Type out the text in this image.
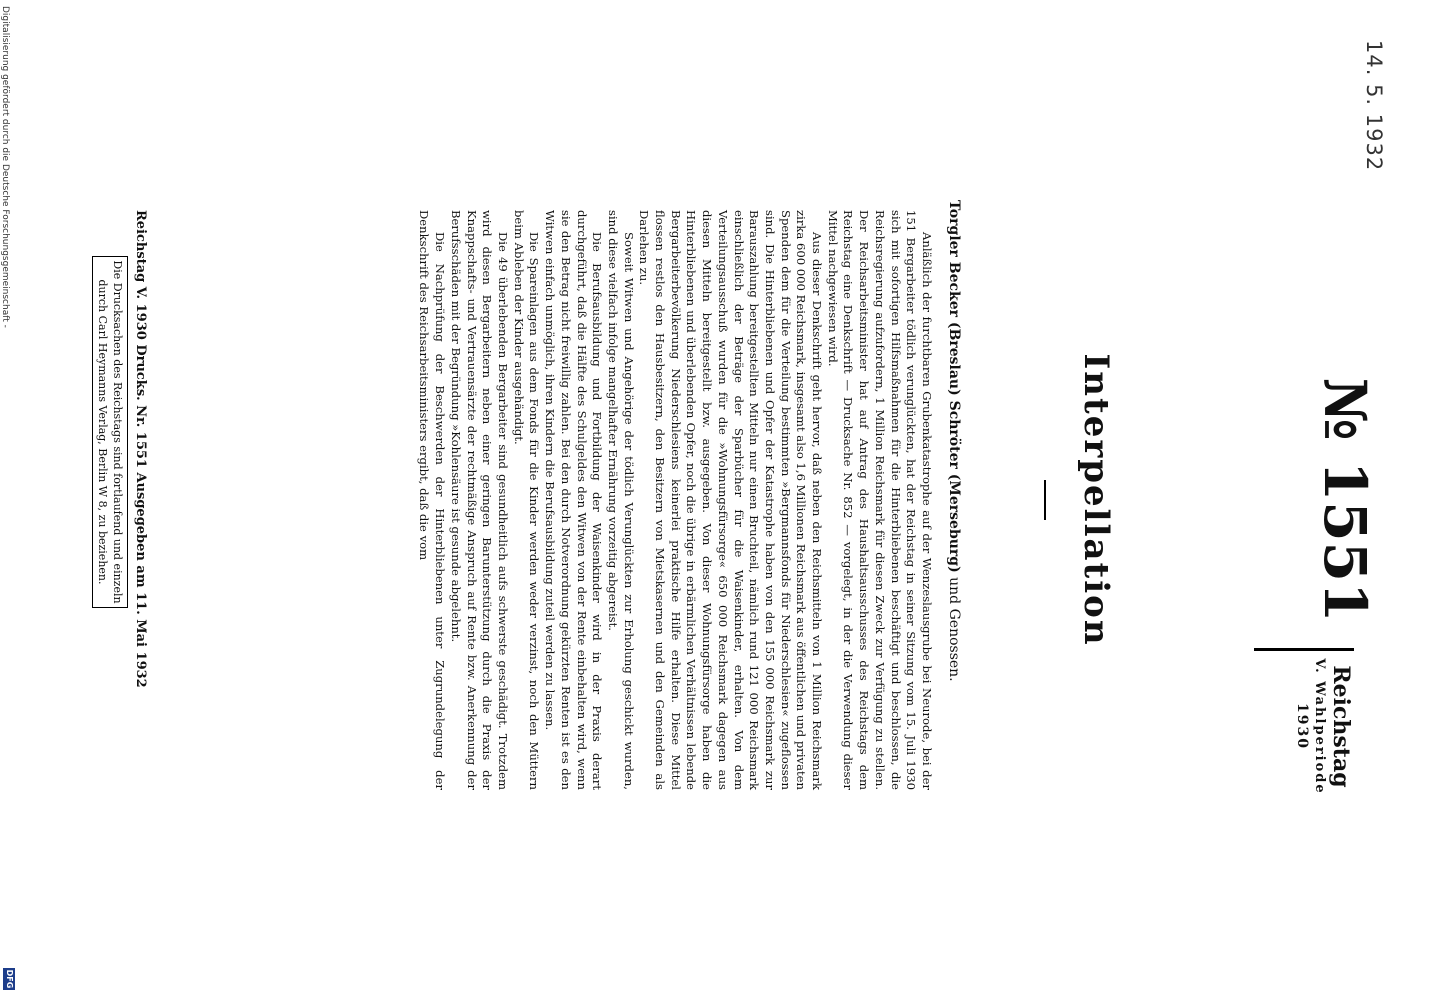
14. 5. 1932
№ 1551
Reichstag
V. Wahlperiode
1930
Interpellation
Torgler Becker (Breslau) Schröter (Merseburg) und Genossen.

Anläßlich der furchtbaren Grubenkatastrophe auf der Wenzeslausgrube bei Neurode, bei der 151 Bergarbeiter tödlich verunglückten, hat der Reichstag in seiner Sitzung vom 15. Juli 1930 sich mit sofortigen Hilfsmaßnahmen für die Hinterbliebenen beschäftigt und beschlossen, die Reichsregierung aufzufordern, 1 Million Reichsmark für diesen Zweck zur Verfügung zu stellen. Der Reichsarbeitsminister hat auf Antrag des Haushaltsausschusses des Reichstags dem Reichstag eine Denkschrift — Drucksache Nr. 852 — vorgelegt, in der die Verwendung dieser Mittel nachgewiesen wird.

Aus dieser Denkschrift geht hervor, daß neben den Reichsmitteln von 1 Million Reichsmark zirka 600 000 Reichsmark, insgesamt also 1,6 Millionen Reichsmark aus öffentlichen und privaten Spenden dem für die Verteilung bestimmten »Bergmannsfonds für Niederschlesien« zugeflossen sind. Die Hinterbliebenen und Opfer der Katastrophe haben von den 155 000 Reichsmark zur Barauszahlung bereitgestellten Mitteln nur einen Bruchteil, nämlich rund 121 000 Reichsmark einschließlich der Beträge der Sparbücher für die Waisenkinder, erhalten. Von dem Verteilungsausschuß wurden für die »Wohnungsfürsorge« 650 000 Reichsmark dagegen aus diesen Mitteln bereitgestellt bzw. ausgegeben. Von dieser Wohnungsfürsorge haben die Hinterbliebenen und überlebenden Opfer, noch die übrige in erbärmlichen Verhältnissen lebende Bergarbeiterbevölkerung Niederschlesiens keinerlei praktische Hilfe erhalten. Diese Mittel flossen restlos den Hausbesitzern, den Besitzern von Mietskasernen und den Gemeinden als Darlehen zu.

Soweit Witwen und Angehörige der tödlich Verunglückten zur Erholung geschickt wurden, sind diese vielfach infolge mangelhafter Ernährung vorzeitig abgereist.

Die Berufsausbildung und Fortbildung der Waisenkinder wird in der Praxis derart durchgeführt, daß die Hälfte des Schulgeldes den Witwen von der Rente einbehalten wird, wenn sie den Betrag nicht freiwillig zahlen. Bei den durch Notverordnung gekürzten Renten ist es den Witwen einfach unmöglich, ihren Kindern die Berufsausbildung zuteil werden zu lassen.

Die Spareinlagen aus dem Fonds für die Kinder werden weder verzinst, noch den Müttern beim Ableben der Kinder ausgehändigt.

Die 49 überlebenden Bergarbeiter sind gesundheitlich aufs schwerste geschädigt. Trotzdem wird diesen Bergarbeitern neben einer geringen Barunterstützung durch die Praxis der Knappschafts- und Vertrauensärzte der rechtmäßige Anspruch auf Rente bzw. Anerkennung der Berufsschäden mit der Begründung »Kohlensäure ist gesunde abgelehnt.

Die Nachprüfung der Beschwerden der Hinterbliebenen unter Zugrundelegung der Denkschrift des Reichsarbeitsministers ergibt, daß die vom

Reichstag V. 1930 Drucks. Nr. 1551 Ausgegeben am 11. Mai 1932
Die Drucksachen des Reichstags sind fortlaufend und einzeln
durch Carl Heymanns Verlag, Berlin W 8, zu beziehen.
Digitalisierung gefördert durch die Deutsche Forschungsgemeinschaft -
DFG
